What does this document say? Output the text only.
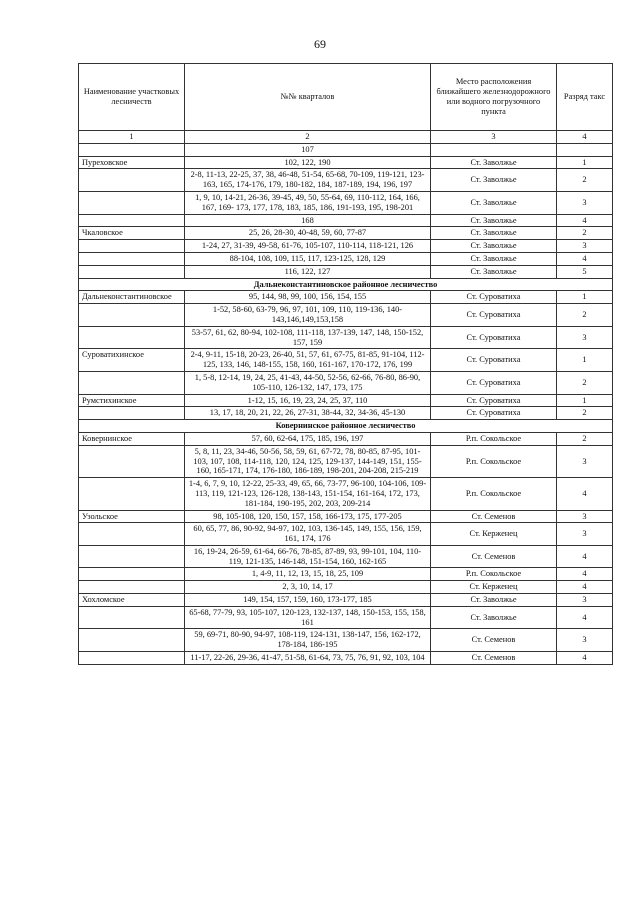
69
Наименование участковых лесничеств	№№ кварталов	Место расположения ближайшего железнодорожного или водного погрузочного пункта	Разряд такс
1	2	3	4
	107		
Пуреховское	102, 122, 190	Ст. Заволжье	1
	2-8, 11-13, 22-25, 37, 38, 46-48, 51-54, 65-68, 70-109, 119-121, 123-163, 165, 174-176, 179, 180-182, 184, 187-189, 194, 196, 197	Ст. Заволжье	2
	1, 9, 10, 14-21, 26-36, 39-45, 49, 50, 55-64, 69, 110-112, 164, 166, 167, 169- 173, 177, 178, 183, 185, 186, 191-193, 195, 198-201	Ст. Заволжье	3
	168	Ст. Заволжье	4
Чкаловское	25, 26, 28-30, 40-48, 59, 60, 77-87	Ст. Заволжье	2
	1-24, 27, 31-39, 49-58, 61-76, 105-107, 110-114, 118-121, 126	Ст. Заволжье	3
	88-104, 108, 109, 115, 117, 123-125, 128, 129	Ст. Заволжье	4
	116, 122, 127	Ст. Заволжье	5
Дальнеконстантиновское районное лесничество			
Дальнеконстантиновское	95, 144, 98, 99, 100, 156, 154, 155	Ст. Суроватиха	1
	1-52, 58-60, 63-79, 96, 97, 101, 109, 110, 119-136, 140-143,146,149,153,158	Ст. Суроватиха	2
	53-57, 61, 62, 80-94, 102-108, 111-118, 137-139, 147, 148, 150-152, 157, 159	Ст. Суроватиха	3
Суроватихинское	2-4, 9-11, 15-18, 20-23, 26-40, 51, 57, 61, 67-75, 81-85, 91-104, 112-125, 133, 146, 148-155, 158, 160, 161-167, 170-172, 176, 199	Ст. Суроватиха	1
	1, 5-8, 12-14, 19, 24, 25, 41-43, 44-50, 52-56, 62-66, 76-80, 86-90, 105-110, 126-132, 147, 173, 175	Ст. Суроватиха	2
Румстихинское	1-12, 15, 16, 19, 23, 24, 25, 37, 110	Ст. Суроватиха	1
	13, 17, 18, 20, 21, 22, 26, 27-31, 38-44, 32, 34-36, 45-130	Ст. Суроватиха	2
Ковернинское районное лесничество			
Ковернинское	57, 60, 62-64, 175, 185, 196, 197	Р.п. Сокольское	2
	5, 8, 11, 23, 34-46, 50-56, 58, 59, 61, 67-72, 78, 80-85, 87-95, 101-103, 107, 108, 114-118, 120, 124, 125, 129-137, 144-149, 151, 155-160, 165-171, 174, 176-180, 186-189, 198-201, 204-208, 215-219	Р.п. Сокольское	3
	1-4, 6, 7, 9, 10, 12-22, 25-33, 49, 65, 66, 73-77, 96-100, 104-106, 109-113, 119, 121-123, 126-128, 138-143, 151-154, 161-164, 172, 173, 181-184, 190-195, 202, 203, 209-214	Р.п. Сокольское	4
Узольское	98, 105-108, 120, 150, 157, 158, 166-173, 175, 177-205	Ст. Семенов	3
	60, 65, 77, 86, 90-92, 94-97, 102, 103, 136-145, 149, 155, 156, 159, 161, 174, 176	Ст. Керженец	3
	16, 19-24, 26-59, 61-64, 66-76, 78-85, 87-89, 93, 99-101, 104, 110-119, 121-135, 146-148, 151-154, 160, 162-165	Ст. Семенов	4
	1, 4-9, 11, 12, 13, 15, 18, 25, 109	Р.п. Сокольское	4
	2, 3, 10, 14, 17	Ст. Керженец	4
Хохломское	149, 154, 157, 159, 160, 173-177, 185	Ст. Заволжье	3
	65-68, 77-79, 93, 105-107, 120-123, 132-137, 148, 150-153, 155, 158, 161	Ст. Заволжье	4
	59, 69-71, 80-90, 94-97, 108-119, 124-131, 138-147, 156, 162-172, 178-184, 186-195	Ст. Семенов	3
	11-17, 22-26, 29-36, 41-47, 51-58, 61-64, 73, 75, 76, 91, 92, 103, 104	Ст. Семенов	4
